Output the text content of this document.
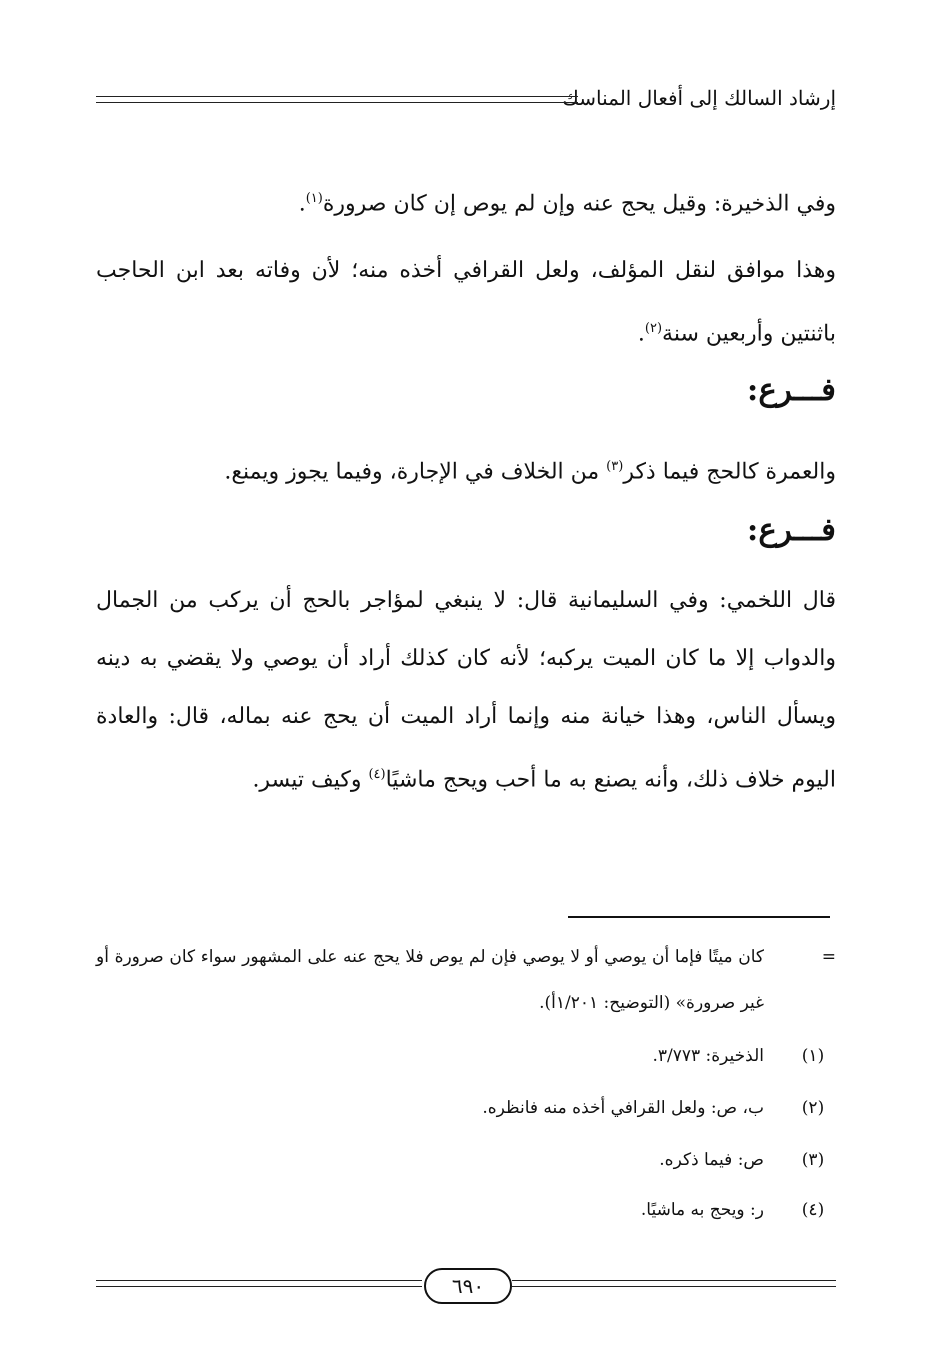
إرشاد السالك إلى أفعال المناسك
وفي الذخيرة: وقيل يحج عنه وإن لم يوص إن كان صرورة$^{(١)}$.
وهذا موافق لنقل المؤلف، ولعل القرافي أخذه منه؛ لأن وفاته بعد ابن الحاجب باثنتين وأربعين سنة$^{(٢)}$.
فـــرع:
والعمرة كالحج فيما ذكر$^{(٣)}$ من الخلاف في الإجارة، وفيما يجوز ويمنع.
فـــرع:
قال اللخمي: وفي السليمانية قال: لا ينبغي لمؤاجر بالحج أن يركب من الجمال والدواب إلا ما كان الميت يركبه؛ لأنه كان كذلك أراد أن يوصي ولا يقضي به دينه ويسأل الناس، وهذا خيانة منه وإنما أراد الميت أن يحج عنه بماله، قال: والعادة اليوم خلاف ذلك، وأنه يصنع به ما أحب ويحج ماشيًا$^{(٤)}$ وكيف تيسر.
=
كان ميتًا فإما أن يوصي أو لا يوصي فإن لم يوص فلا يحج عنه على المشهور سواء كان صرورة أو غير صرورة» (التوضيح: ١/٢٠١أ).
(١)
الذخيرة: ٣/٧٧٣.
(٢)
ب، ص: ولعل القرافي أخذه منه فانظره.
(٣)
ص: فيما ذكره.
(٤)
ر: ويحج به ماشيًا.
٦٩٠
